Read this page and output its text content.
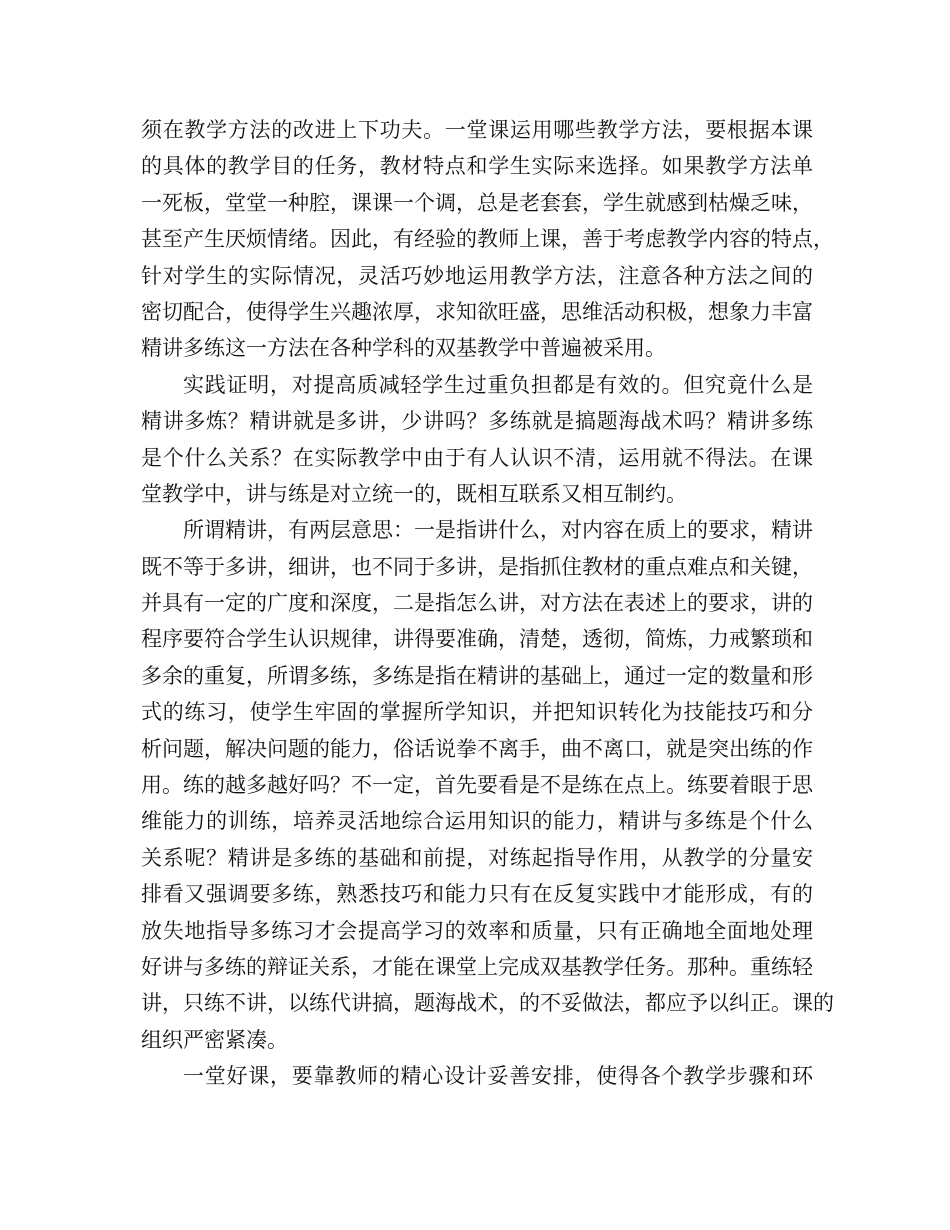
须在教学方法的改进上下功夫。一堂课运用哪些教学方法，要根据本课
的具体的教学目的任务，教材特点和学生实际来选择。如果教学方法单
一死板，堂堂一种腔，课课一个调，总是老套套，学生就感到枯燥乏味，
甚至产生厌烦情绪。因此，有经验的教师上课，善于考虑教学内容的特点，
针对学生的实际情况，灵活巧妙地运用教学方法，注意各种方法之间的
密切配合，使得学生兴趣浓厚，求知欲旺盛，思维活动积极，想象力丰富
精讲多练这一方法在各种学科的双基教学中普遍被采用。
实践证明，对提高质减轻学生过重负担都是有效的。但究竟什么是
精讲多炼？精讲就是多讲，少讲吗？多练就是搞题海战术吗？精讲多练
是个什么关系？在实际教学中由于有人认识不清，运用就不得法。在课
堂教学中，讲与练是对立统一的，既相互联系又相互制约。
所谓精讲，有两层意思：一是指讲什么，对内容在质上的要求，精讲
既不等于多讲，细讲，也不同于多讲，是指抓住教材的重点难点和关键，
并具有一定的广度和深度，二是指怎么讲，对方法在表述上的要求，讲的
程序要符合学生认识规律，讲得要准确，清楚，透彻，简炼，力戒繁琐和
多余的重复，所谓多练，多练是指在精讲的基础上，通过一定的数量和形
式的练习，使学生牢固的掌握所学知识，并把知识转化为技能技巧和分
析问题，解决问题的能力，俗话说拳不离手，曲不离口，就是突出练的作
用。练的越多越好吗？不一定，首先要看是不是练在点上。练要着眼于思
维能力的训练，培养灵活地综合运用知识的能力，精讲与多练是个什么
关系呢？精讲是多练的基础和前提，对练起指导作用，从教学的分量安
排看又强调要多练，熟悉技巧和能力只有在反复实践中才能形成，有的
放失地指导多练习才会提高学习的效率和质量，只有正确地全面地处理
好讲与多练的辩证关系，才能在课堂上完成双基教学任务。那种。重练轻
讲，只练不讲，以练代讲搞，题海战术，的不妥做法，都应予以纠正。课的
组织严密紧凑。
一堂好课，要靠教师的精心设计妥善安排，使得各个教学步骤和环
